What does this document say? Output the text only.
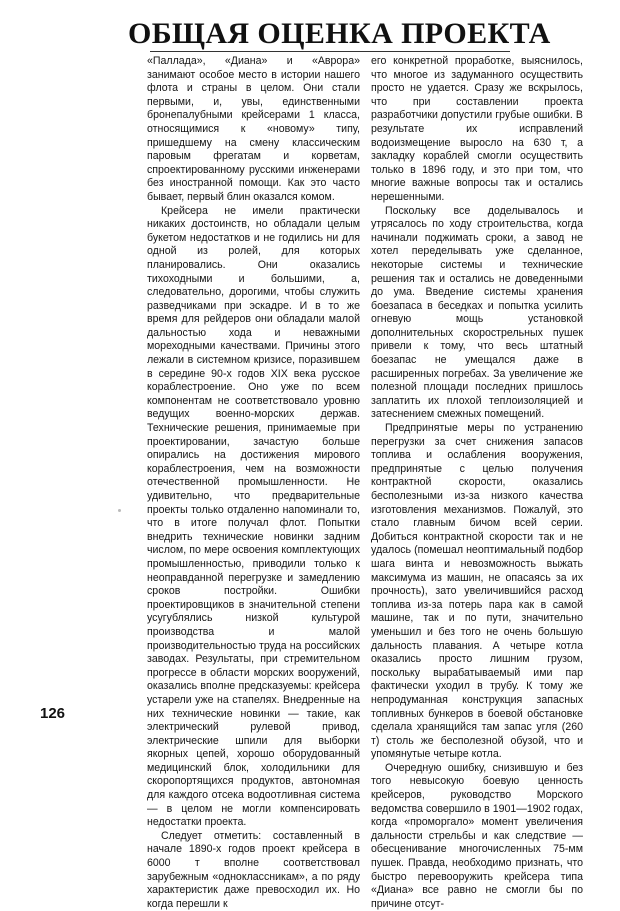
ОБЩАЯ ОЦЕНКА ПРОЕКТА

«Паллада», «Диана» и «Аврора» занимают особое место в истории нашего флота и страны в целом. Они стали первыми, и, увы, единственными бронепалубными крейсерами 1 класса, относящимися к «новому» типу, пришедшему на смену классическим паровым фрегатам и корветам, спроектированному русскими инженерами без иностранной помощи. Как это часто бывает, первый блин оказался комом.

Крейсера не имели практически никаких достоинств, но обладали целым букетом недостатков и не годились ни для одной из ролей, для которых планировались. Они оказались тихоходными и большими, а, следовательно, дорогими, чтобы служить разведчиками при эскадре. И в то же время для рейдеров они обладали малой дальностью хода и неважными мореходными качествами. Причины этого лежали в системном кризисе, поразившем в середине 90-х годов XIX века русское кораблестроение. Оно уже по всем компонентам не соответствовало уровню ведущих военно-морских держав. Технические решения, принимаемые при проектировании, зачастую больше опирались на достижения мирового кораблестроения, чем на возможности отечественной промышленности. Не удивительно, что предварительные проекты только отдаленно напоминали то, что в итоге получал флот. Попытки внедрить технические новинки задним числом, по мере освоения комплектующих промышленностью, приводили только к неоправданной перегрузке и замедлению сроков постройки. Ошибки проектировщиков в значительной степени усугублялись низкой культурой производства и малой производительностью труда на российских заводах. Результаты, при стремительном прогрессе в области морских вооружений, оказались вполне предсказуемы: крейсера устарели уже на стапелях. Внедренные на них технические новинки — такие, как электрический рулевой привод, электрические шпили для выборки якорных цепей, хорошо оборудованный медицинский блок, холодильники для скоропортящихся продуктов, автономная для каждого отсека водоотливная система — в целом не могли компенсировать недостатки проекта.

Следует отметить: составленный в начале 1890-х годов проект крейсера в 6000 т вполне соответствовал зарубежным «одноклассникам», а по ряду характеристик даже превосходил их. Но когда перешли к

его конкретной проработке, выяснилось, что многое из задуманного осуществить просто не удается. Сразу же вскрылось, что при составлении проекта разработчики допустили грубые ошибки. В результате их исправлений водоизмещение выросло на 630 т, а закладку кораблей смогли осуществить только в 1896 году, и это при том, что многие важные вопросы так и остались нерешенными.

Поскольку все доделывалось и утрясалось по ходу строительства, когда начинали поджимать сроки, а завод не хотел переделывать уже сделанное, некоторые системы и технические решения так и остались не доведенными до ума. Введение системы хранения боезапаса в беседках и попытка усилить огневую мощь установкой дополнительных скорострельных пушек привели к тому, что весь штатный боезапас не умещался даже в расширенных погребах. За увеличение же полезной площади последних пришлось заплатить их плохой теплоизоляцией и затеснением смежных помещений.

Предпринятые меры по устранению перегрузки за счет снижения запасов топлива и ослабления вооружения, предпринятые с целью получения контрактной скорости, оказались бесполезными из-за низкого качества изготовления механизмов. Пожалуй, это стало главным бичом всей серии. Добиться контрактной скорости так и не удалось (помешал неоптимальный подбор шага винта и невозможность выжать максимума из машин, не опасаясь за их прочность), зато увеличившийся расход топлива из-за потерь пара как в самой машине, так и по пути, значительно уменьшил и без того не очень большую дальность плавания. А четыре котла оказались просто лишним грузом, поскольку вырабатываемый ими пар фактически уходил в трубу. К тому же непродуманная конструкция запасных топливных бункеров в боевой обстановке сделала хранящийся там запас угля (260 т) столь же бесполезной обузой, что и упомянутые четыре котла.

Очередную ошибку, снизившую и без того невысокую боевую ценность крейсеров, руководство Морского ведомства совершило в 1901—1902 годах, когда «проморгало» момент увеличения дальности стрельбы и как следствие — обесценивание многочисленных 75-мм пушек. Правда, необходимо признать, что быстро перевооружить крейсера типа «Диана» все равно не смогли бы по причине отсут-

126
